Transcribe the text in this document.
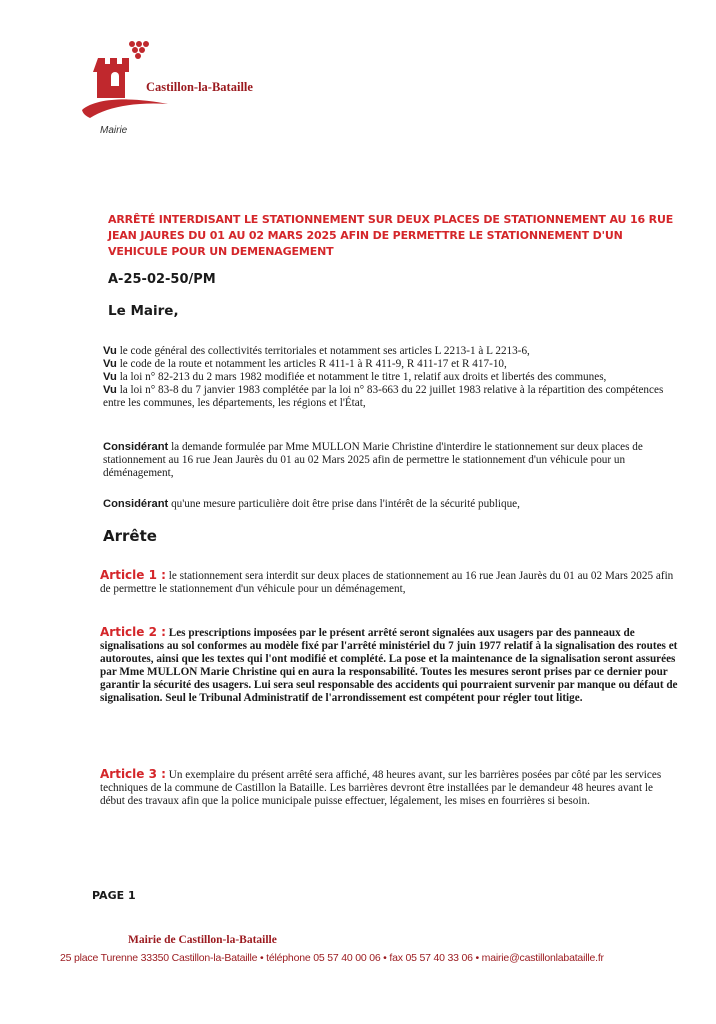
Castillon-la-Bataille
Mairie
ARRÊTÉ INTERDISANT LE STATIONNEMENT SUR DEUX PLACES DE STATIONNEMENT AU 16 RUE JEAN JAURES DU 01 AU 02 MARS 2025 AFIN DE PERMETTRE LE STATIONNEMENT D'UN VEHICULE POUR UN DEMENAGEMENT
A-25-02-50/PM
Le Maire,

Vu le code général des collectivités territoriales et notamment ses articles L 2213-1 à L 2213-6,

Vu le code de la route et notamment les articles R 411-1 à R 411-9, R 411-17 et R 417-10,

Vu la loi n° 82-213 du 2 mars 1982 modifiée et notamment le titre 1, relatif aux droits et libertés des communes,

Vu la loi n° 83-8 du 7 janvier 1983 complétée par la loi n° 83-663 du 22 juillet 1983 relative à la répartition des compétences entre les communes, les départements, les régions et l'État,

Considérant la demande formulée par Mme MULLON Marie Christine d'interdire le stationnement sur deux places de stationnement au 16 rue Jean Jaurès du 01 au 02 Mars 2025 afin de permettre le stationnement d'un véhicule pour un déménagement,
Considérant qu'une mesure particulière doit être prise dans l'intérêt de la sécurité publique,
Arrête
Article 1 : le stationnement sera interdit sur deux places de stationnement au 16 rue Jean Jaurès du 01 au 02 Mars 2025 afin de permettre le stationnement d'un véhicule pour un déménagement,
Article 2 : Les prescriptions imposées par le présent arrêté seront signalées aux usagers par des panneaux de signalisations au sol conformes au modèle fixé par l'arrêté ministériel du 7 juin 1977 relatif à la signalisation des routes et autoroutes, ainsi que les textes qui l'ont modifié et complété. La pose et la maintenance de la signalisation seront assurées par Mme MULLON Marie Christine qui en aura la responsabilité. Toutes les mesures seront prises par ce dernier pour garantir la sécurité des usagers. Lui sera seul responsable des accidents qui pourraient survenir par manque ou défaut de signalisation. Seul le Tribunal Administratif de l'arrondissement est compétent pour régler tout litige.
Article 3 : Un exemplaire du présent arrêté sera affiché, 48 heures avant, sur les barrières posées par côté par les services techniques de la commune de Castillon la Bataille. Les barrières devront être installées par le demandeur 48 heures avant le début des travaux afin que la police municipale puisse effectuer, légalement, les mises en fourrières si besoin.
PAGE 1
Mairie de Castillon-la-Bataille
25 place Turenne 33350 Castillon-la-Bataille • téléphone 05 57 40 00 06 • fax 05 57 40 33 06 • mairie@castillonlabataille.fr
